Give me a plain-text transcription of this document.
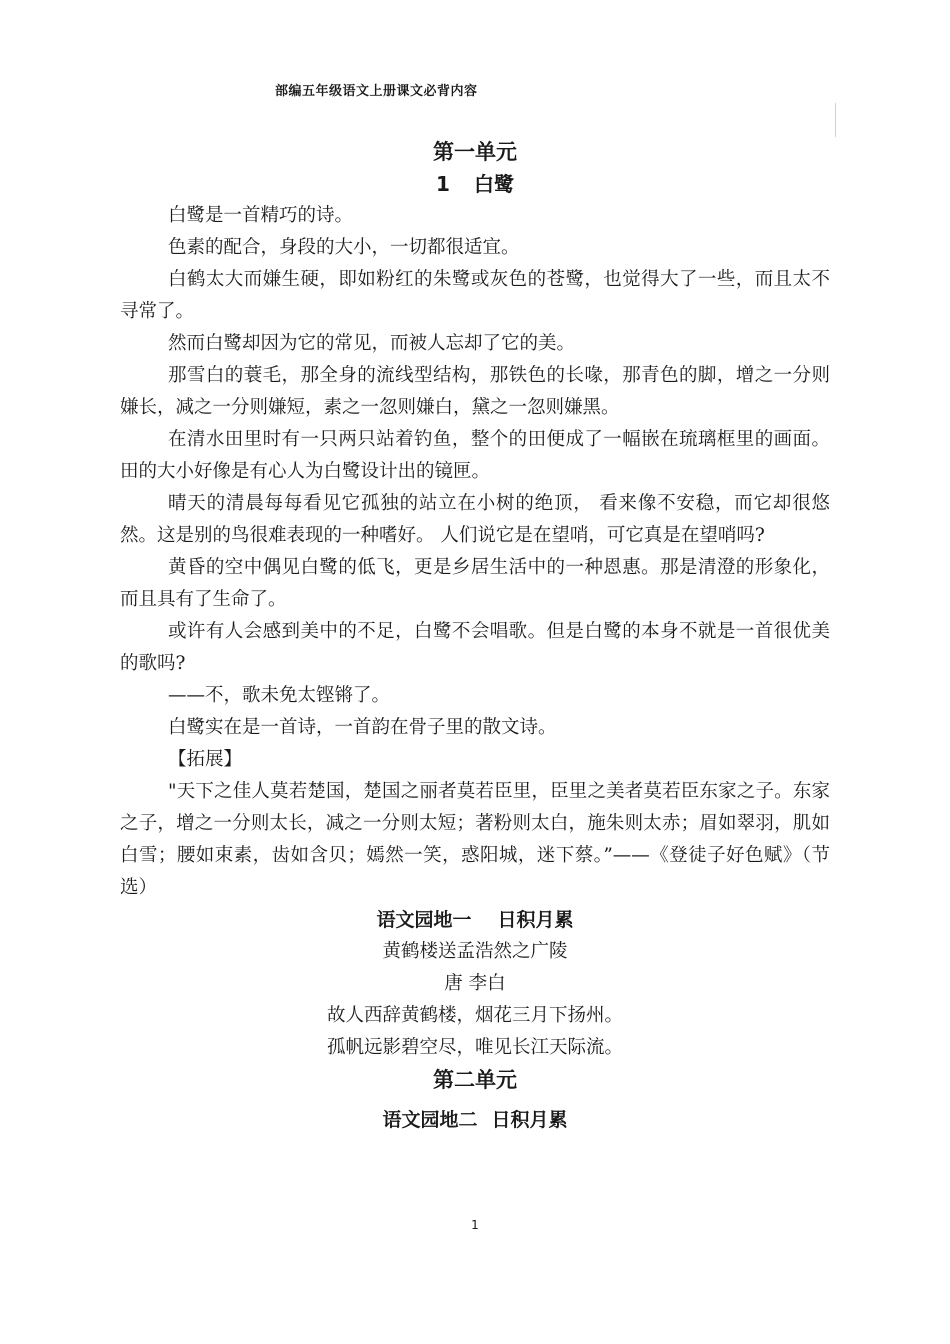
部编五年级语文上册课文必背内容
第一单元
1 白鹭

白鹭是一首精巧的诗。

色素的配合，身段的大小，一切都很适宜。

白鹤太大而嫌生硬，即如粉红的朱鹭或灰色的苍鹭，也觉得大了一些，而且太不寻常了。

然而白鹭却因为它的常见，而被人忘却了它的美。

那雪白的蓑毛，那全身的流线型结构，那铁色的长喙，那青色的脚，增之一分则嫌长，减之一分则嫌短，素之一忽则嫌白，黛之一忽则嫌黑。

在清水田里时有一只两只站着钓鱼，整个的田便成了一幅嵌在琉璃框里的画面。田的大小好像是有心人为白鹭设计出的镜匣。

晴天的清晨每每看见它孤独的站立在小树的绝顶， 看来像不安稳，而它却很悠然。这是别的鸟很难表现的一种嗜好。 人们说它是在望哨，可它真是在望哨吗?

黄昏的空中偶见白鹭的低飞，更是乡居生活中的一种恩惠。那是清澄的形象化，而且具有了生命了。

或许有人会感到美中的不足，白鹭不会唱歌。但是白鹭的本身不就是一首很优美的歌吗?

——不，歌未免太铿锵了。

白鹭实在是一首诗，一首韵在骨子里的散文诗。

【拓展】

"天下之佳人莫若楚国，楚国之丽者莫若臣里，臣里之美者莫若臣东家之子。东家之子，增之一分则太长，减之一分则太短；著粉则太白，施朱则太赤；眉如翠羽，肌如白雪；腰如束素，齿如含贝；嫣然一笑，惑阳城，迷下蔡。”——《登徒子好色赋》（节选）

语文园地一 日积月累

黄鹤楼送孟浩然之广陵

唐 李白

故人西辞黄鹤楼，烟花三月下扬州。

孤帆远影碧空尽，唯见长江天际流。

第二单元
语文园地二 日积月累
1
